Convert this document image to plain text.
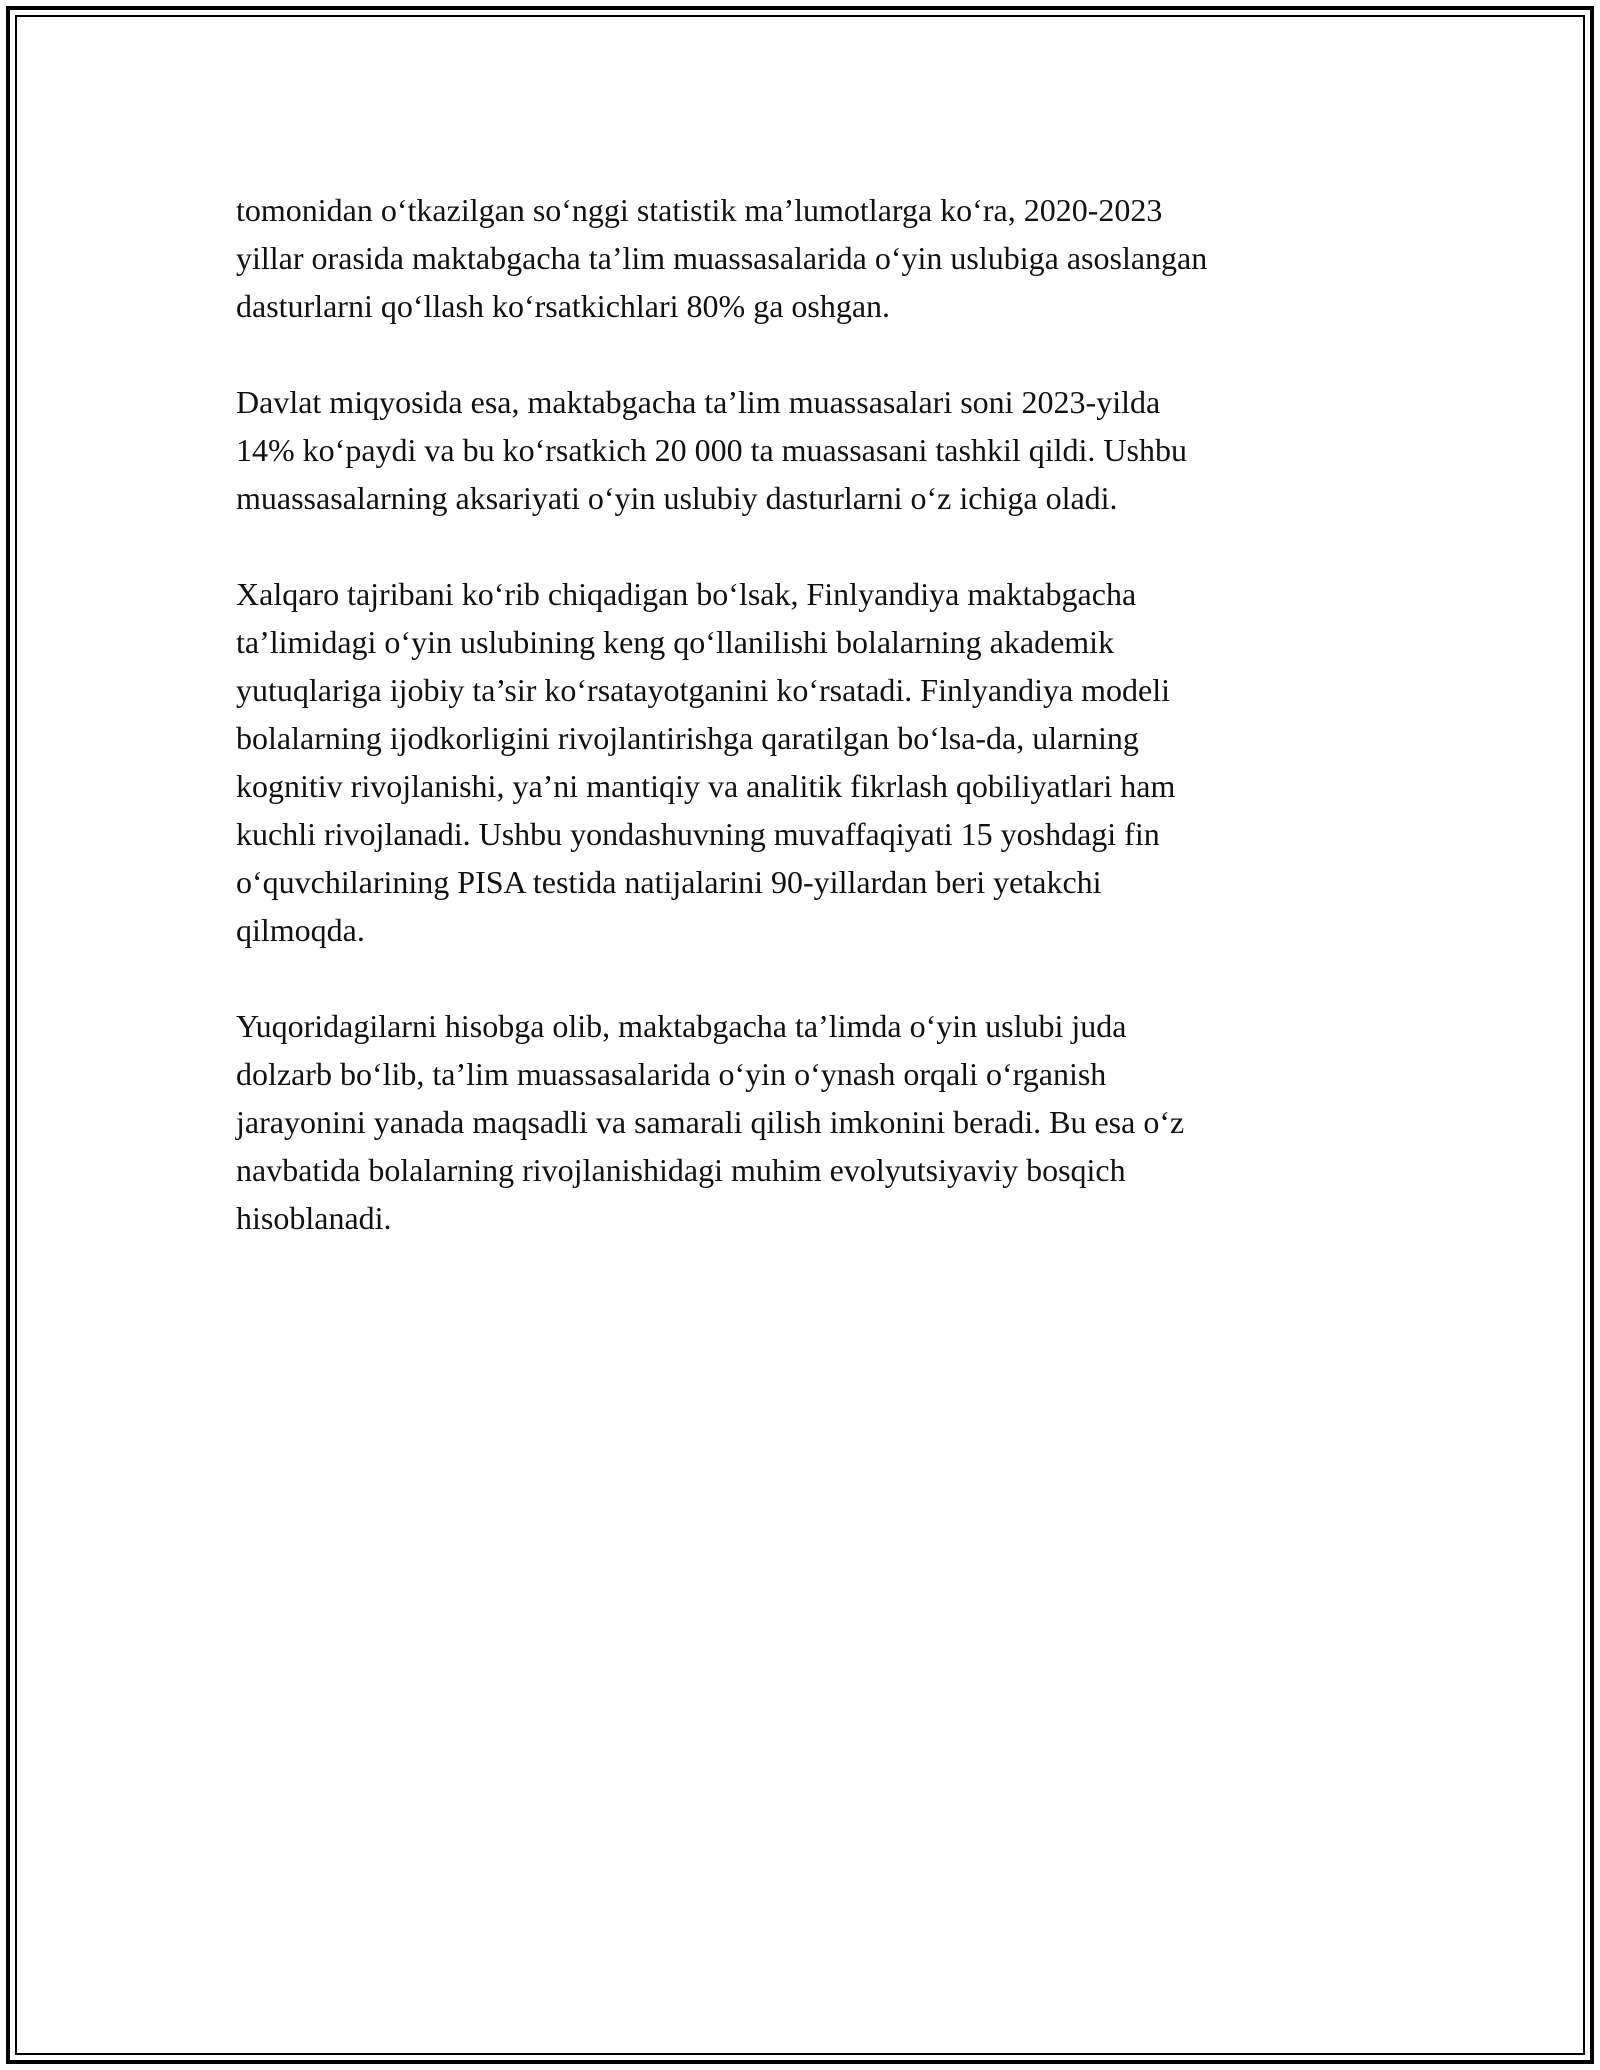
tomonidan o‘tkazilgan so‘nggi statistik ma’lumotlarga ko‘ra, 2020-2023
yillar orasida maktabgacha ta’lim muassasalarida o‘yin uslubiga asoslangan
dasturlarni qo‘llash ko‘rsatkichlari 80% ga oshgan.

Davlat miqyosida esa, maktabgacha ta’lim muassasalari soni 2023-yilda
14% ko‘paydi va bu ko‘rsatkich 20 000 ta muassasani tashkil qildi. Ushbu
muassasalarning aksariyati o‘yin uslubiy dasturlarni o‘z ichiga oladi.

Xalqaro tajribani ko‘rib chiqadigan bo‘lsak, Finlyandiya maktabgacha
ta’limidagi o‘yin uslubining keng qo‘llanilishi bolalarning akademik
yutuqlariga ijobiy ta’sir ko‘rsatayotganini ko‘rsatadi. Finlyandiya modeli
bolalarning ijodkorligini rivojlantirishga qaratilgan bo‘lsa-da, ularning
kognitiv rivojlanishi, ya’ni mantiqiy va analitik fikrlash qobiliyatlari ham
kuchli rivojlanadi. Ushbu yondashuvning muvaffaqiyati 15 yoshdagi fin
o‘quvchilarining PISA testida natijalarini 90-yillardan beri yetakchi
qilmoqda.

Yuqoridagilarni hisobga olib, maktabgacha ta’limda o‘yin uslubi juda
dolzarb bo‘lib, ta’lim muassasalarida o‘yin o‘ynash orqali o‘rganish
jarayonini yanada maqsadli va samarali qilish imkonini beradi. Bu esa o‘z
navbatida bolalarning rivojlanishidagi muhim evolyutsiyaviy bosqich
hisoblanadi.
